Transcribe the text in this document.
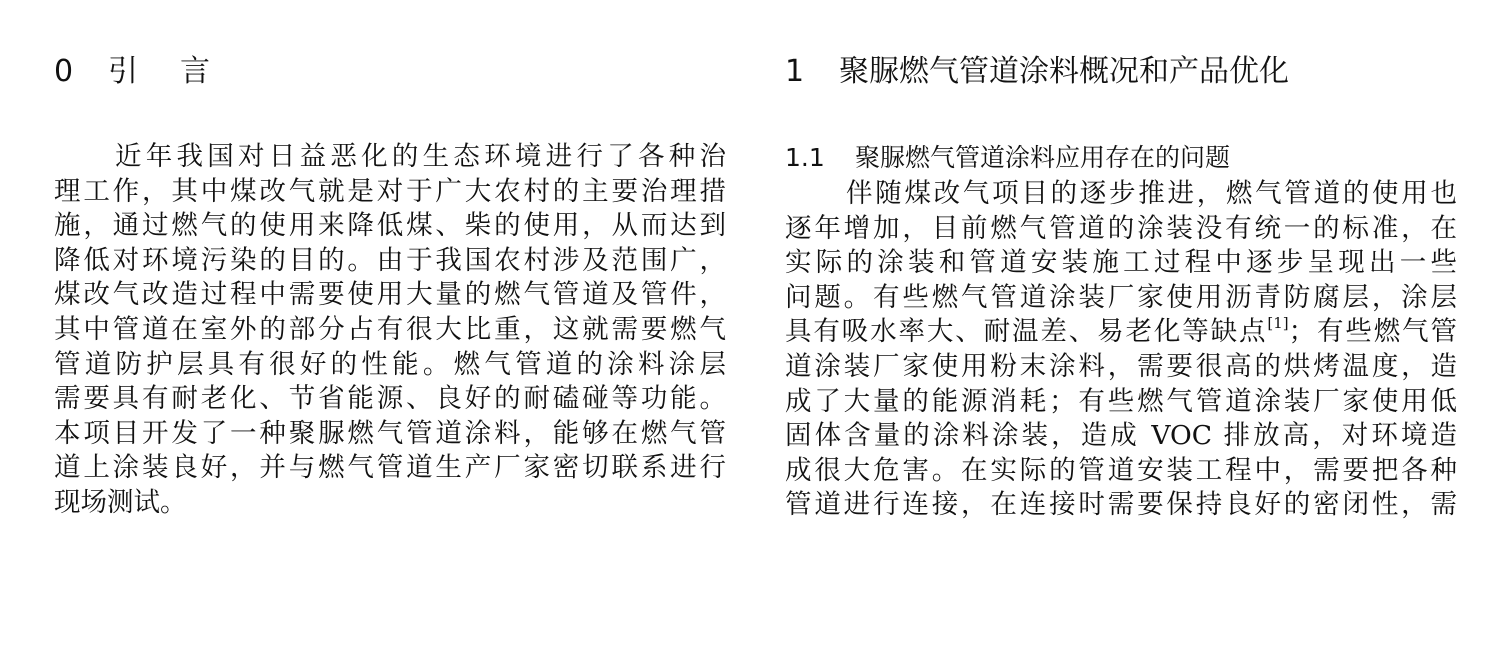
0 引 言
近年我国对日益恶化的生态环境进行了各种治
理工作，其中煤改气就是对于广大农村的主要治理措
施，通过燃气的使用来降低煤、柴的使用，从而达到
降低对环境污染的目的。由于我国农村涉及范围广，
煤改气改造过程中需要使用大量的燃气管道及管件，
其中管道在室外的部分占有很大比重，这就需要燃气
管道防护层具有很好的性能。燃气管道的涂料涂层
需要具有耐老化、节省能源、良好的耐磕碰等功能。
本项目开发了一种聚脲燃气管道涂料，能够在燃气管
道上涂装良好，并与燃气管道生产厂家密切联系进行
现场测试。
1 聚脲燃气管道涂料概况和产品优化
1.1 聚脲燃气管道涂料应用存在的问题
伴随煤改气项目的逐步推进，燃气管道的使用也
逐年增加，目前燃气管道的涂装没有统一的标准，在
实际的涂装和管道安装施工过程中逐步呈现出一些
问题。有些燃气管道涂装厂家使用沥青防腐层，涂层
具有吸水率大、耐温差、易老化等缺点[1]；有些燃气管
道涂装厂家使用粉末涂料，需要很高的烘烤温度，造
成了大量的能源消耗；有些燃气管道涂装厂家使用低
固体含量的涂料涂装，造成 VOC 排放高，对环境造
成很大危害。在实际的管道安装工程中，需要把各种
管道进行连接，在连接时需要保持良好的密闭性，需
